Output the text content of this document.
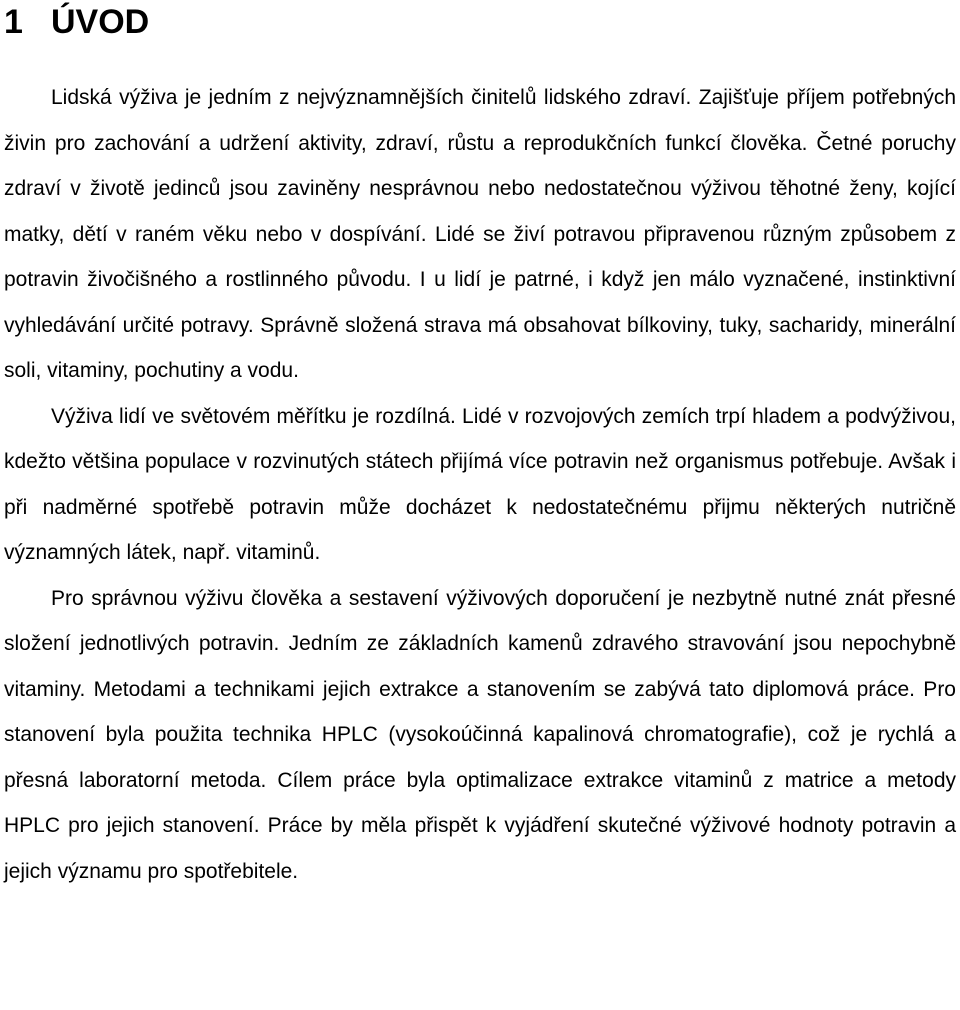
1 ÚVOD

Lidská výživa je jedním z nejvýznamnějších činitelů lidského zdraví. Zajišťuje příjem potřebných živin pro zachování a udržení aktivity, zdraví, růstu a reprodukčních funkcí člověka. Četné poruchy zdraví v životě jedinců jsou zaviněny nesprávnou nebo nedostatečnou výživou těhotné ženy, kojící matky, dětí v raném věku nebo v dospívání. Lidé se živí potravou připravenou různým způsobem z potravin živočišného a rostlinného původu. I u lidí je patrné, i když jen málo vyznačené, instinktivní vyhledávání určité potravy. Správně složená strava má obsahovat bílkoviny, tuky, sacharidy, minerální soli, vitaminy, pochutiny a vodu.

Výživa lidí ve světovém měřítku je rozdílná. Lidé v rozvojových zemích trpí hladem a podvýživou, kdežto většina populace v rozvinutých státech přijímá více potravin než organismus potřebuje. Avšak i při nadměrné spotřebě potravin může docházet k nedostatečnému přijmu některých nutričně významných látek, např. vitaminů.

Pro správnou výživu člověka a sestavení výživových doporučení je nezbytně nutné znát přesné složení jednotlivých potravin. Jedním ze základních kamenů zdravého stravování jsou nepochybně vitaminy. Metodami a technikami jejich extrakce a stanovením se zabývá tato diplomová práce. Pro stanovení byla použita technika HPLC (vysokoúčinná kapalinová chromatografie), což je rychlá a přesná laboratorní metoda. Cílem práce byla optimalizace extrakce vitaminů z matrice a metody HPLC pro jejich stanovení. Práce by měla přispět k vyjádření skutečné výživové hodnoty potravin a jejich významu pro spotřebitele.
